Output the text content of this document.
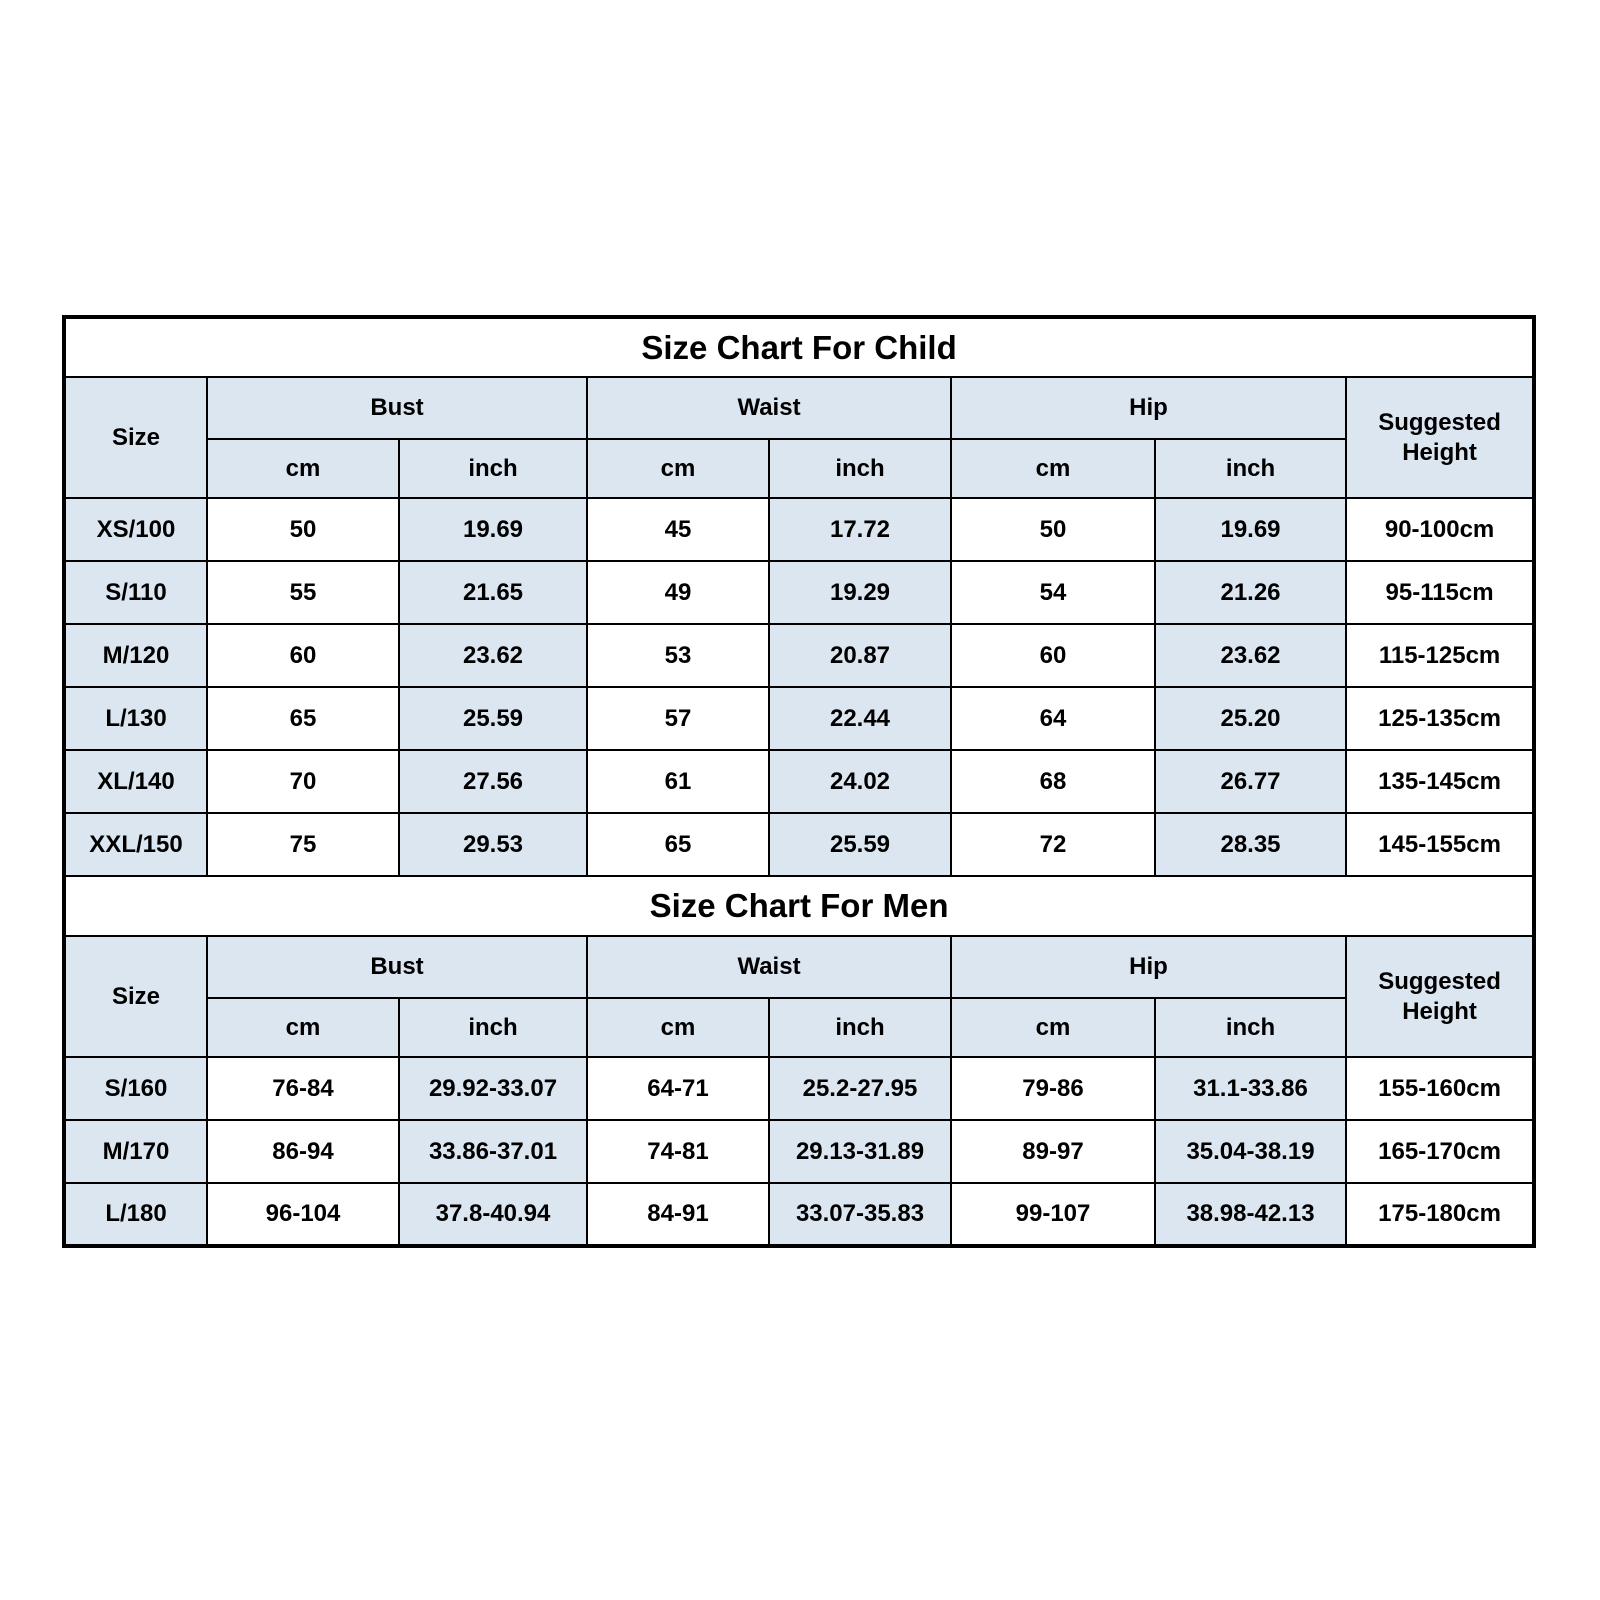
Size Chart For Child							
Size	Bust		Waist		Hip		Suggested Height
	cm	inch	cm	inch	cm	inch	
XS/100	50	19.69	45	17.72	50	19.69	90-100cm
S/110	55	21.65	49	19.29	54	21.26	95-115cm
M/120	60	23.62	53	20.87	60	23.62	115-125cm
L/130	65	25.59	57	22.44	64	25.20	125-135cm
XL/140	70	27.56	61	24.02	68	26.77	135-145cm
XXL/150	75	29.53	65	25.59	72	28.35	145-155cm
Size Chart For Men							
Size	Bust		Waist		Hip		Suggested Height
	cm	inch	cm	inch	cm	inch	
S/160	76-84	29.92-33.07	64-71	25.2-27.95	79-86	31.1-33.86	155-160cm
M/170	86-94	33.86-37.01	74-81	29.13-31.89	89-97	35.04-38.19	165-170cm
L/180	96-104	37.8-40.94	84-91	33.07-35.83	99-107	38.98-42.13	175-180cm
